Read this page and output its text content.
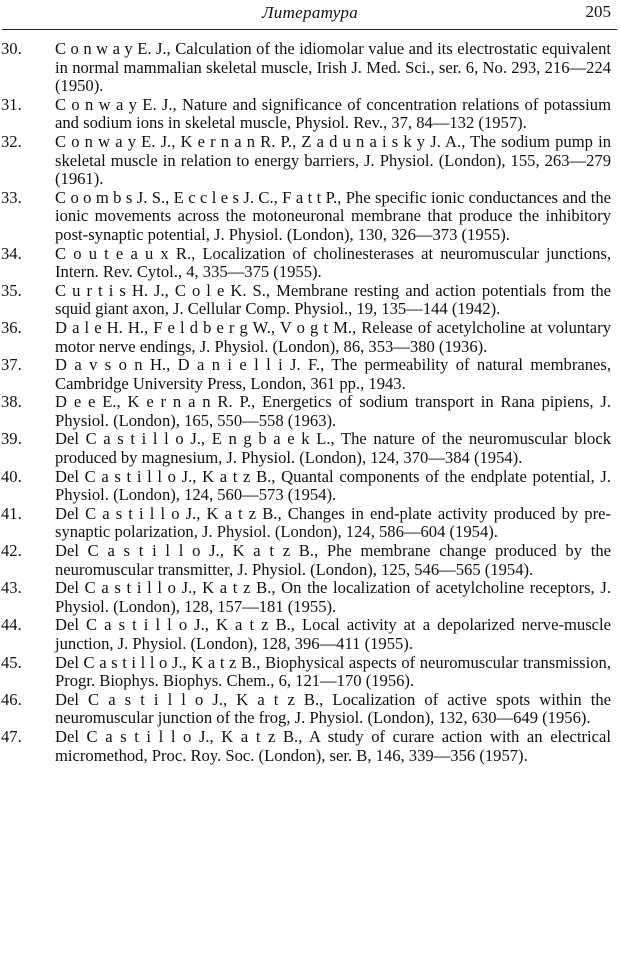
Литература	205
30. C o n w a y E. J., Calculation of the idiomolar value and its electrostatic equivalent in normal mammalian skeletal muscle, Irish J. Med. Sci., ser. 6, No. 293, 216—224 (1950).
31. C o n w a y E. J., Nature and significance of concentration relations of potassium and sodium ions in skeletal muscle, Physiol. Rev., 37, 84—132 (1957).
32. C o n w a y E. J., K e r n a n R. P., Z a d u n a i s k y J. A., The sodium pump in skeletal muscle in relation to energy barriers, J. Physiol. (London), 155, 263—279 (1961).
33. C o o m b s J. S., E c c l e s J. C., F a t t P., Phe specific ionic conductances and the ionic movements across the motoneuronal membrane that produce the inhibitory post-synaptic potential, J. Physiol. (London), 130, 326—373 (1955).
34. C o u t e a u x R., Localization of cholinesterases at neuromuscular junctions, Intern. Rev. Cytol., 4, 335—375 (1955).
35. C u r t i s H. J., C o l e K. S., Membrane resting and action potentials from the squid giant axon, J. Cellular Comp. Physiol., 19, 135—144 (1942).
36. D a l e H. H., F e l d b e r g W., V o g t M., Release of acetylcholine at voluntary motor nerve endings, J. Physiol. (London), 86, 353—380 (1936).
37. D a v s o n H., D a n i e l l i J. F., The permeability of natural membranes, Cambridge University Press, London, 361 pp., 1943.
38. D e e E., K e r n a n R. P., Energetics of sodium transport in Rana pipiens, J. Physiol. (London), 165, 550—558 (1963).
39. Del C a s t i l l o J., E n g b a e k L., The nature of the neuromuscular block produced by magnesium, J. Physiol. (London), 124, 370—384 (1954).
40. Del C a s t i l l o J., K a t z B., Quantal components of the endplate potential, J. Physiol. (London), 124, 560—573 (1954).
41. Del C a s t i l l o J., K a t z B., Changes in end-plate activity produced by pre-synaptic polarization, J. Physiol. (London), 124, 586—604 (1954).
42. Del C a s t i l l o J., K a t z B., Phe membrane change produced by the neuromuscular transmitter, J. Physiol. (London), 125, 546—565 (1954).
43. Del C a s t i l l o J., K a t z B., On the localization of acetylcholine receptors, J. Physiol. (London), 128, 157—181 (1955).
44. Del C a s t i l l o J., K a t z B., Local activity at a depolarized nerve-muscle junction, J. Physiol. (London), 128, 396—411 (1955).
45. Del C a s t i l l o J., K a t z B., Biophysical aspects of neuromuscular transmission, Progr. Biophys. Biophys. Chem., 6, 121—170 (1956).
46. Del C a s t i l l o J., K a t z B., Localization of active spots within the neuromuscular junction of the frog, J. Physiol. (London), 132, 630—649 (1956).
47. Del C a s t i l l o J., K a t z B., A study of curare action with an electrical micromethod, Proc. Roy. Soc. (London), ser. B, 146, 339—356 (1957).
